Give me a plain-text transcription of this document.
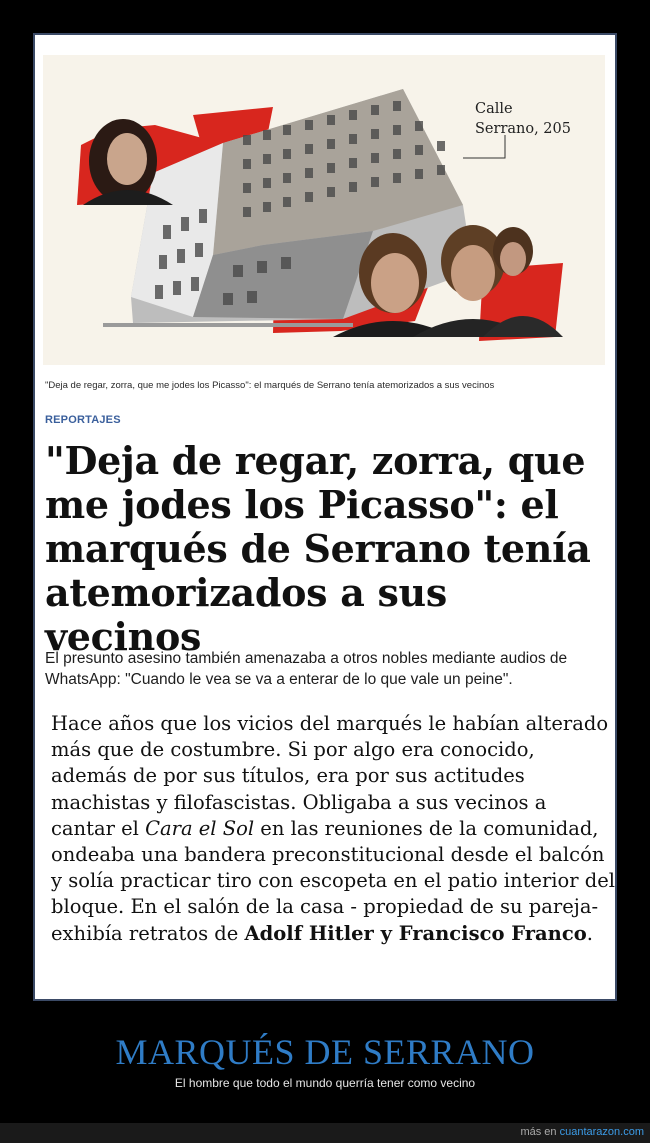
Calle
Serrano, 205
"Deja de regar, zorra, que me jodes los Picasso": el marqués de Serrano tenía atemorizados a sus vecinos
REPORTAJES
"Deja de regar, zorra, que me jodes los Picasso": el marqués de Serrano tenía atemorizados a sus vecinos

El presunto asesino también amenazaba a otros nobles mediante audios de WhatsApp: "Cuando le vea se va a enterar de lo que vale un peine".

Hace años que los vicios del marqués le habían alterado más que de costumbre. Si por algo era conocido, además de por sus títulos, era por sus actitudes machistas y filofascistas. Obligaba a sus vecinos a cantar el Cara el Sol en las reuniones de la comunidad, ondeaba una bandera preconstitucional desde el balcón y solía practicar tiro con escopeta en el patio interior del bloque. En el salón de la casa - propiedad de su pareja- exhibía retratos de Adolf Hitler y Francisco Franco.

MARQUÉS DE SERRANO
El hombre que todo el mundo querría tener como vecino
más en cuantarazon.com
